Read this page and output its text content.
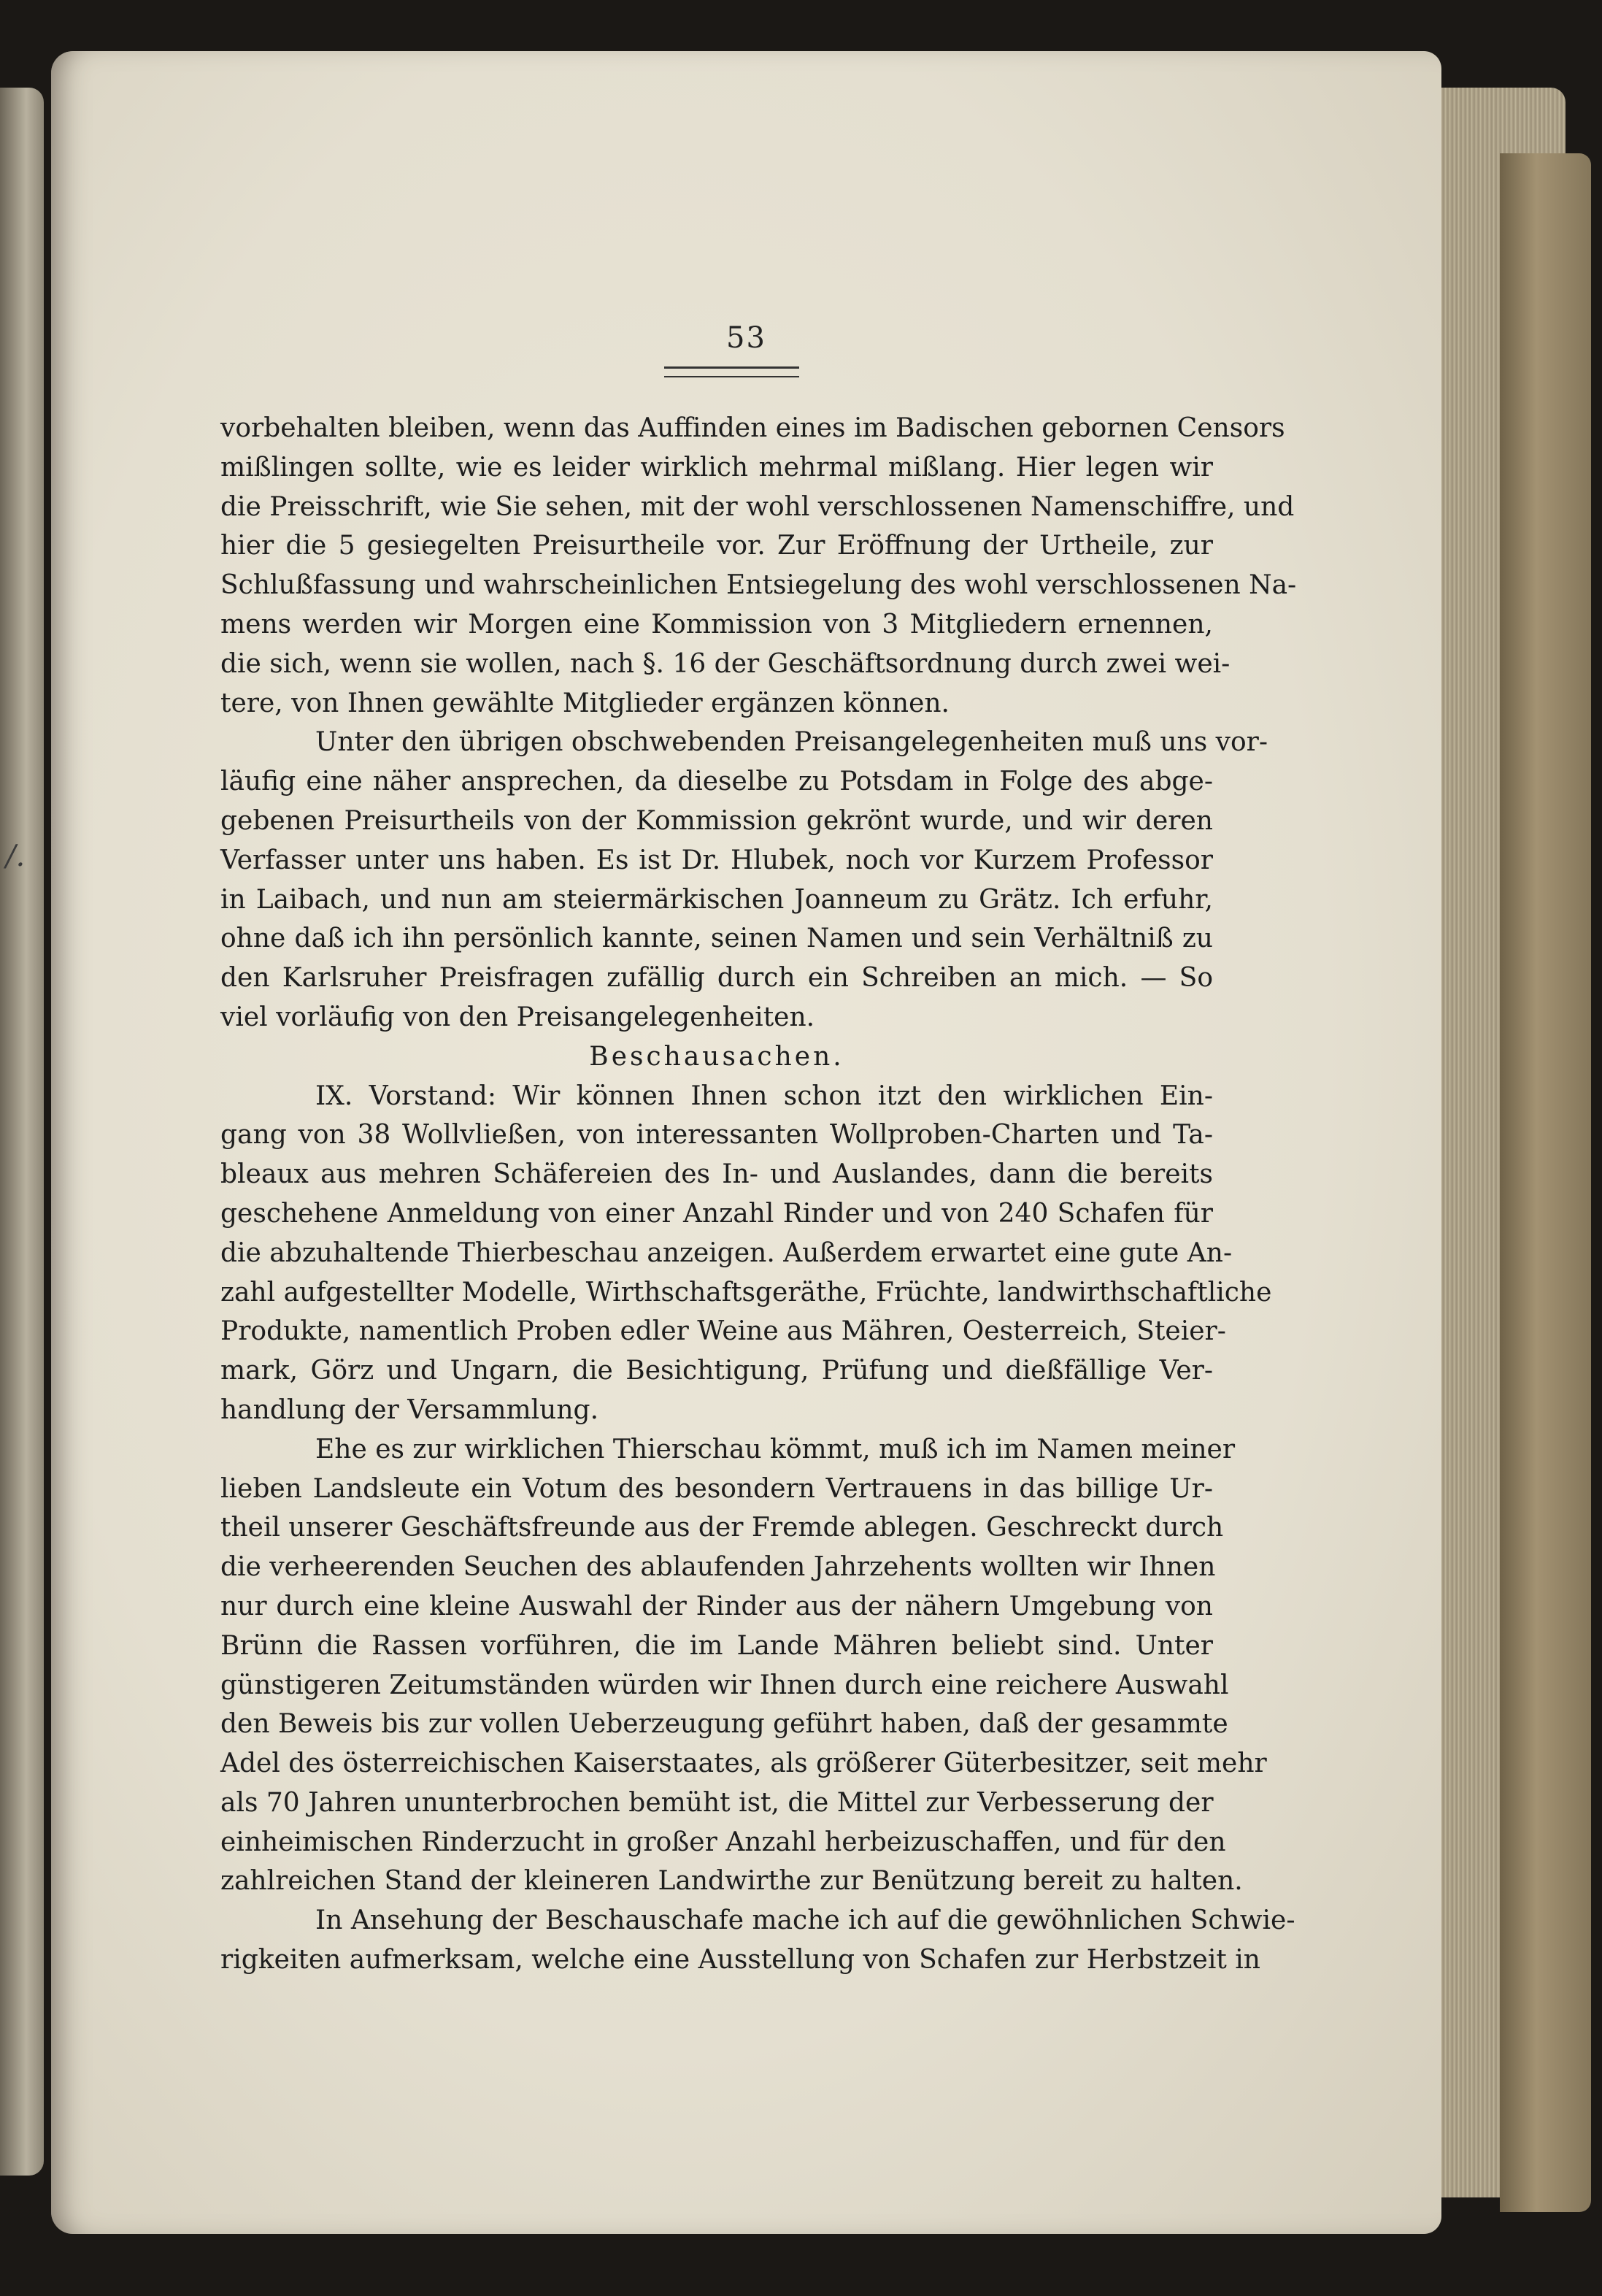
/.
53
vorbehalten bleiben, wenn das Auffinden eines im Badischen gebornen Censors
mißlingen sollte, wie es leider wirklich mehrmal mißlang. Hier legen wir
die Preisschrift, wie Sie sehen, mit der wohl verschlossenen Namenschiffre, und
hier die 5 gesiegelten Preisurtheile vor. Zur Eröffnung der Urtheile, zur
Schlußfassung und wahrscheinlichen Entsiegelung des wohl verschlossenen Na-
mens werden wir Morgen eine Kommission von 3 Mitgliedern ernennen,
die sich, wenn sie wollen, nach §. 16 der Geschäftsordnung durch zwei wei-
tere, von Ihnen gewählte Mitglieder ergänzen können.
Unter den übrigen obschwebenden Preisangelegenheiten muß uns vor-
läufig eine näher ansprechen, da dieselbe zu Potsdam in Folge des abge-
gebenen Preisurtheils von der Kommission gekrönt wurde, und wir deren
Verfasser unter uns haben. Es ist Dr. Hlubek, noch vor Kurzem Professor
in Laibach, und nun am steiermärkischen Joanneum zu Grätz. Ich erfuhr,
ohne daß ich ihn persönlich kannte, seinen Namen und sein Verhältniß zu
den Karlsruher Preisfragen zufällig durch ein Schreiben an mich. — So
viel vorläufig von den Preisangelegenheiten.
Beschausachen.
IX. Vorstand: Wir können Ihnen schon itzt den wirklichen Ein-
gang von 38 Wollvließen, von interessanten Wollproben-Charten und Ta-
bleaux aus mehren Schäfereien des In- und Auslandes, dann die bereits
geschehene Anmeldung von einer Anzahl Rinder und von 240 Schafen für
die abzuhaltende Thierbeschau anzeigen. Außerdem erwartet eine gute An-
zahl aufgestellter Modelle, Wirthschaftsgeräthe, Früchte, landwirthschaftliche
Produkte, namentlich Proben edler Weine aus Mähren, Oesterreich, Steier-
mark, Görz und Ungarn, die Besichtigung, Prüfung und dießfällige Ver-
handlung der Versammlung.
Ehe es zur wirklichen Thierschau kömmt, muß ich im Namen meiner
lieben Landsleute ein Votum des besondern Vertrauens in das billige Ur-
theil unserer Geschäftsfreunde aus der Fremde ablegen. Geschreckt durch
die verheerenden Seuchen des ablaufenden Jahrzehents wollten wir Ihnen
nur durch eine kleine Auswahl der Rinder aus der nähern Umgebung von
Brünn die Rassen vorführen, die im Lande Mähren beliebt sind. Unter
günstigeren Zeitumständen würden wir Ihnen durch eine reichere Auswahl
den Beweis bis zur vollen Ueberzeugung geführt haben, daß der gesammte
Adel des österreichischen Kaiserstaates, als größerer Güterbesitzer, seit mehr
als 70 Jahren ununterbrochen bemüht ist, die Mittel zur Verbesserung der
einheimischen Rinderzucht in großer Anzahl herbeizuschaffen, und für den
zahlreichen Stand der kleineren Landwirthe zur Benützung bereit zu halten.
In Ansehung der Beschauschafe mache ich auf die gewöhnlichen Schwie-
rigkeiten aufmerksam, welche eine Ausstellung von Schafen zur Herbstzeit in
